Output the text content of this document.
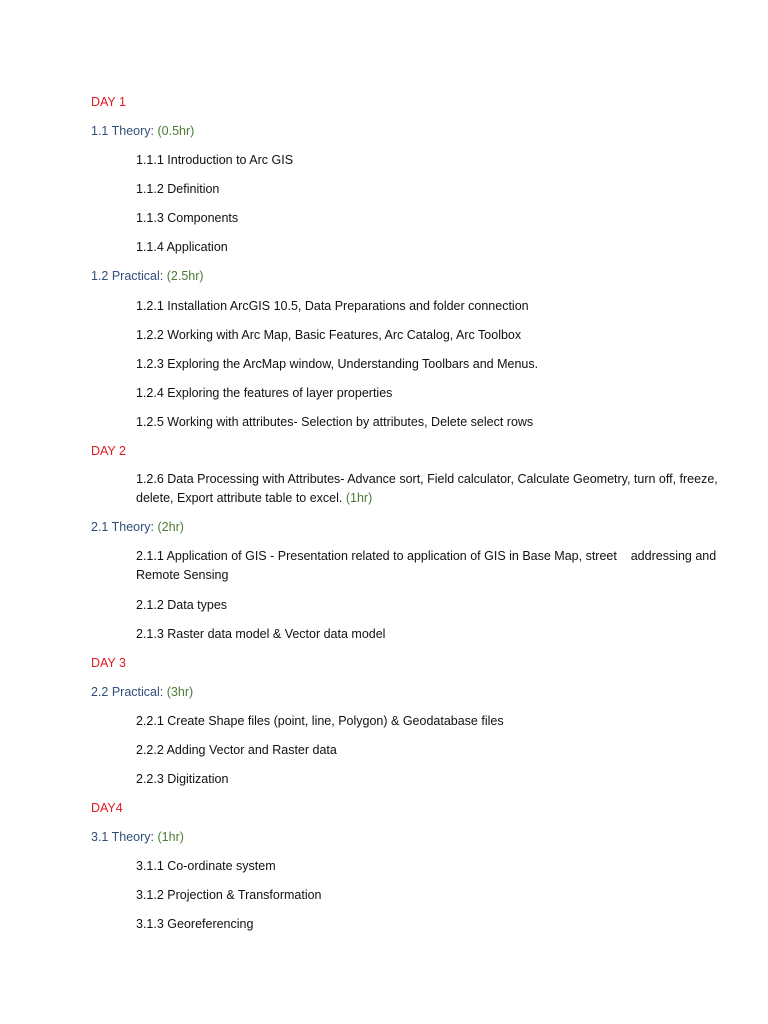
DAY 1
1.1 Theory: (0.5hr)
1.1.1 Introduction to Arc GIS
1.1.2 Definition
1.1.3 Components
1.1.4 Application
1.2 Practical: (2.5hr)
1.2.1 Installation ArcGIS 10.5, Data Preparations and folder connection
1.2.2 Working with Arc Map, Basic Features, Arc Catalog, Arc Toolbox
1.2.3 Exploring the ArcMap window, Understanding Toolbars and Menus.
1.2.4 Exploring the features of layer properties
1.2.5 Working with attributes- Selection by attributes, Delete select rows
DAY 2
1.2.6 Data Processing with Attributes- Advance sort, Field calculator, Calculate Geometry, turn off, freeze, delete, Export attribute table to excel. (1hr)
2.1 Theory: (2hr)
2.1.1 Application of GIS - Presentation related to application of GIS in Base Map, street    addressing and Remote Sensing
2.1.2 Data types
2.1.3 Raster data model & Vector data model
DAY 3
2.2 Practical: (3hr)
2.2.1 Create Shape files (point, line, Polygon) & Geodatabase files
2.2.2 Adding Vector and Raster data
2.2.3 Digitization
DAY4
3.1 Theory: (1hr)
3.1.1 Co-ordinate system
3.1.2 Projection & Transformation
3.1.3 Georeferencing
